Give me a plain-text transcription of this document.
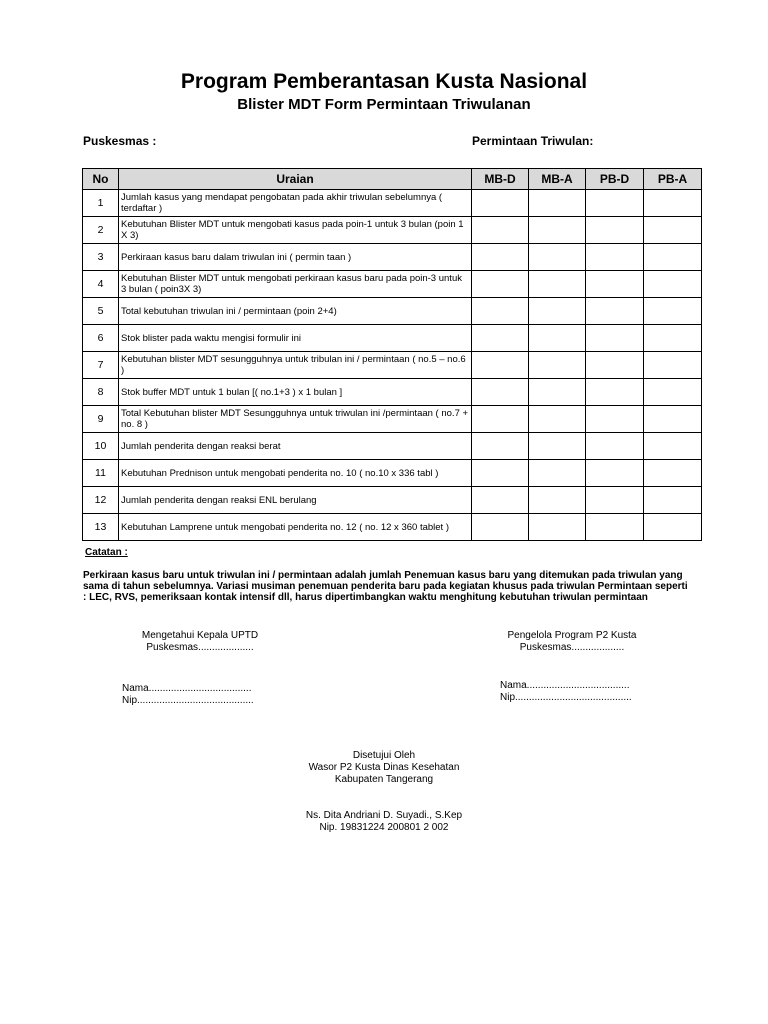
Program Pemberantasan Kusta Nasional
Blister MDT Form Permintaan Triwulanan
Puskesmas :	Permintaan Triwulan:
No	Uraian	MB-D	MB-A	PB-D	PB-A
1	Jumlah kasus yang mendapat pengobatan pada akhir triwulan sebelumnya ( terdaftar )				
2	Kebutuhan Blister MDT untuk mengobati kasus pada poin-1 untuk 3 bulan (poin 1 X 3)				
3	Perkiraan kasus baru dalam triwulan ini ( permin taan )				
4	Kebutuhan Blister MDT untuk mengobati perkiraan kasus baru pada poin-3 untuk 3 bulan ( poin3X 3)				
5	Total kebutuhan triwulan ini / permintaan (poin 2+4)				
6	Stok blister pada waktu mengisi formulir ini				
7	Kebutuhan blister MDT sesungguhnya untuk tribulan ini / permintaan ( no.5 – no.6 )				
8	Stok buffer MDT untuk 1 bulan [( no.1+3 ) x 1 bulan ]				
9	Total Kebutuhan blister MDT Sesungguhnya untuk triwulan ini /permintaan ( no.7 + no. 8 )				
10	Jumlah penderita dengan reaksi berat				
11	Kebutuhan Prednison untuk mengobati penderita no. 10 ( no.10 x 336 tabl )				
12	Jumlah penderita dengan reaksi ENL berulang				
13	Kebutuhan Lamprene untuk mengobati penderita no. 12 ( no. 12 x 360 tablet )				
Catatan :

Perkiraan kasus baru untuk triwulan ini / permintaan adalah jumlah Penemuan kasus baru yang ditemukan pada triwulan yang sama di tahun sebelumnya. Variasi musiman penemuan penderita baru pada kegiatan khusus pada triwulan Permintaan seperti : LEC, RVS, pemeriksaan kontak intensif dll, harus dipertimbangkan waktu menghitung kebutuhan triwulan permintaan

Mengetahui Kepala UPTD
Puskesmas....................
Nama.....................................
Nip..........................................
Pengelola Program P2 Kusta
Puskesmas...................
Nama.....................................
Nip..........................................
Disetujui Oleh
Wasor P2 Kusta Dinas Kesehatan
Kabupaten Tangerang
Ns. Dita Andriani D. Suyadi., S.Kep
Nip. 19831224 200801 2 002
